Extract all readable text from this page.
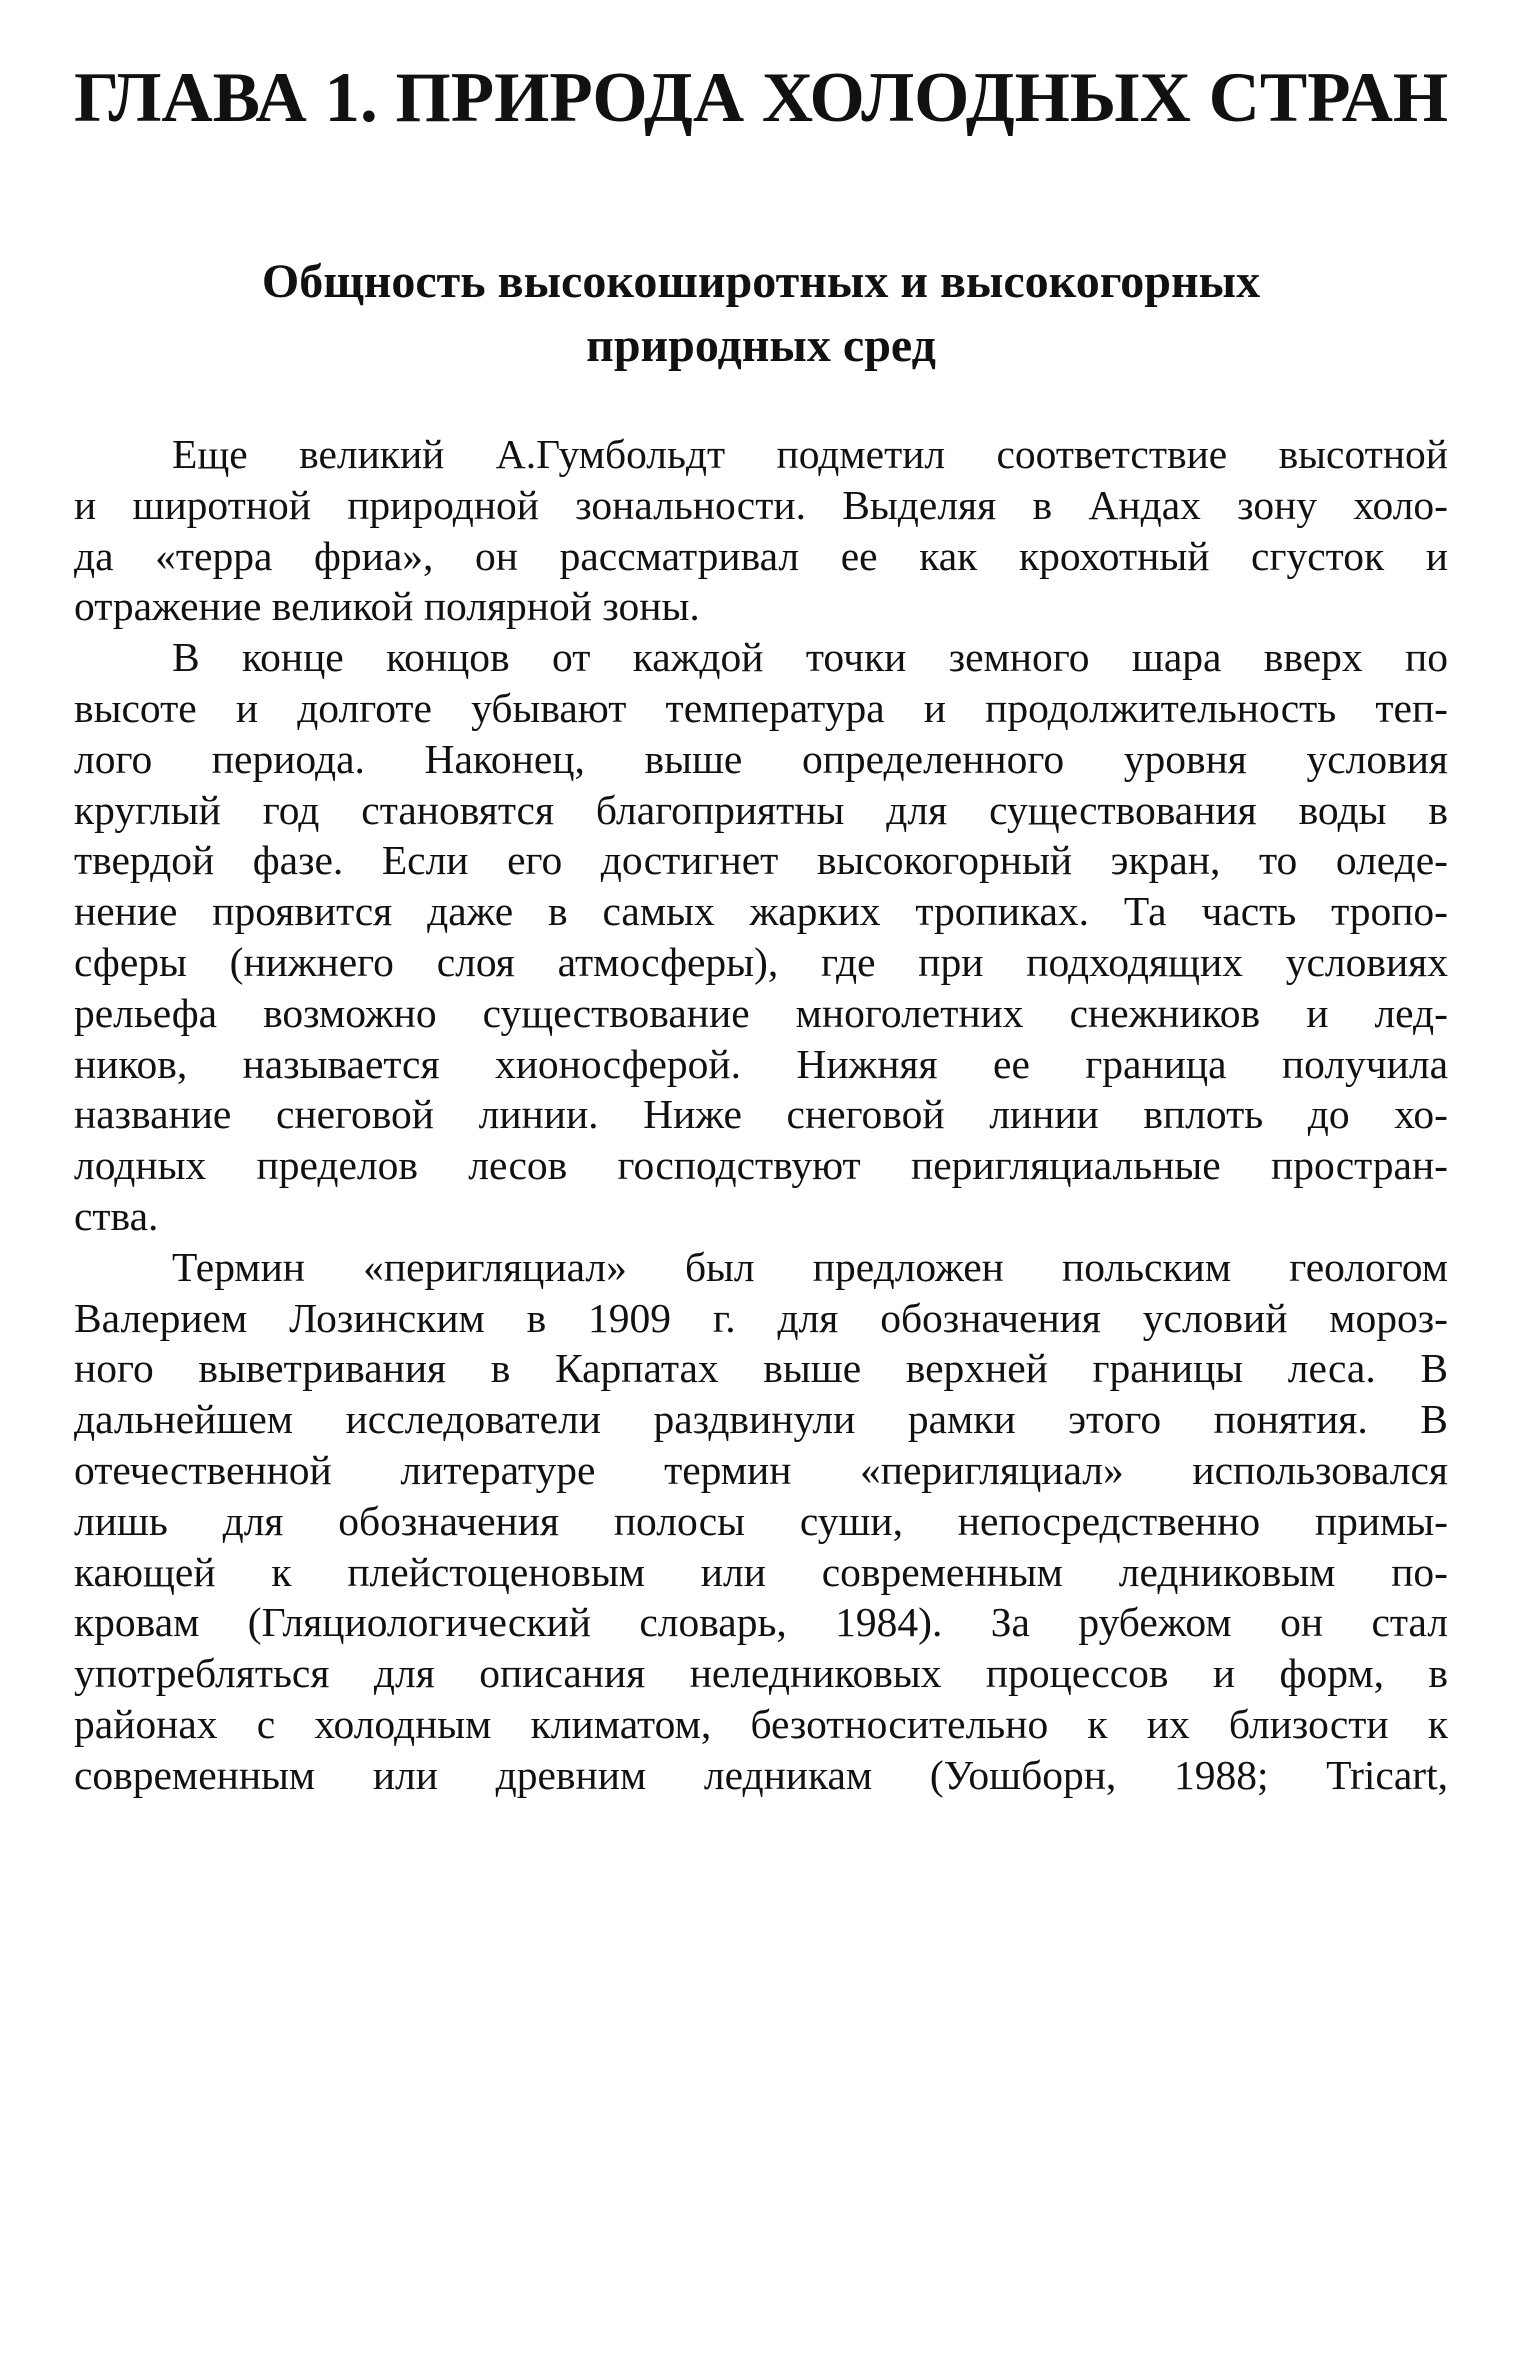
ГЛАВА 1. ПРИРОДА ХОЛОДНЫХ СТРАН
Общность высокоширотных и высокогорных
природных сред
Еще великий А.Гумбольдт подметил соответствие высотной
и широтной природной зональности. Выделяя в Андах зону холо-
да «терра фриа», он рассматривал ее как крохотный сгусток и
отражение великой полярной зоны.
В конце концов от каждой точки земного шара вверх по
высоте и долготе убывают температура и продолжительность теп-
лого периода. Наконец, выше определенного уровня условия
круглый год становятся благоприятны для существования воды в
твердой фазе. Если его достигнет высокогорный экран, то оледе-
нение проявится даже в самых жарких тропиках. Та часть тропо-
сферы (нижнего слоя атмосферы), где при подходящих условиях
рельефа возможно существование многолетних снежников и лед-
ников, называется хионосферой. Нижняя ее граница получила
название снеговой линии. Ниже снеговой линии вплоть до хо-
лодных пределов лесов господствуют перигляциальные простран-
ства.
Термин «перигляциал» был предложен польским геологом
Валерием Лозинским в 1909 г. для обозначения условий мороз-
ного выветривания в Карпатах выше верхней границы леса. В
дальнейшем исследователи раздвинули рамки этого понятия. В
отечественной литературе термин «перигляциал» использовался
лишь для обозначения полосы суши, непосредственно примы-
кающей к плейстоценовым или современным ледниковым по-
кровам (Гляциологический словарь, 1984). За рубежом он стал
употребляться для описания неледниковых процессов и форм, в
районах с холодным климатом, безотносительно к их близости к
современным или древним ледникам (Уошборн, 1988; Tricart,
